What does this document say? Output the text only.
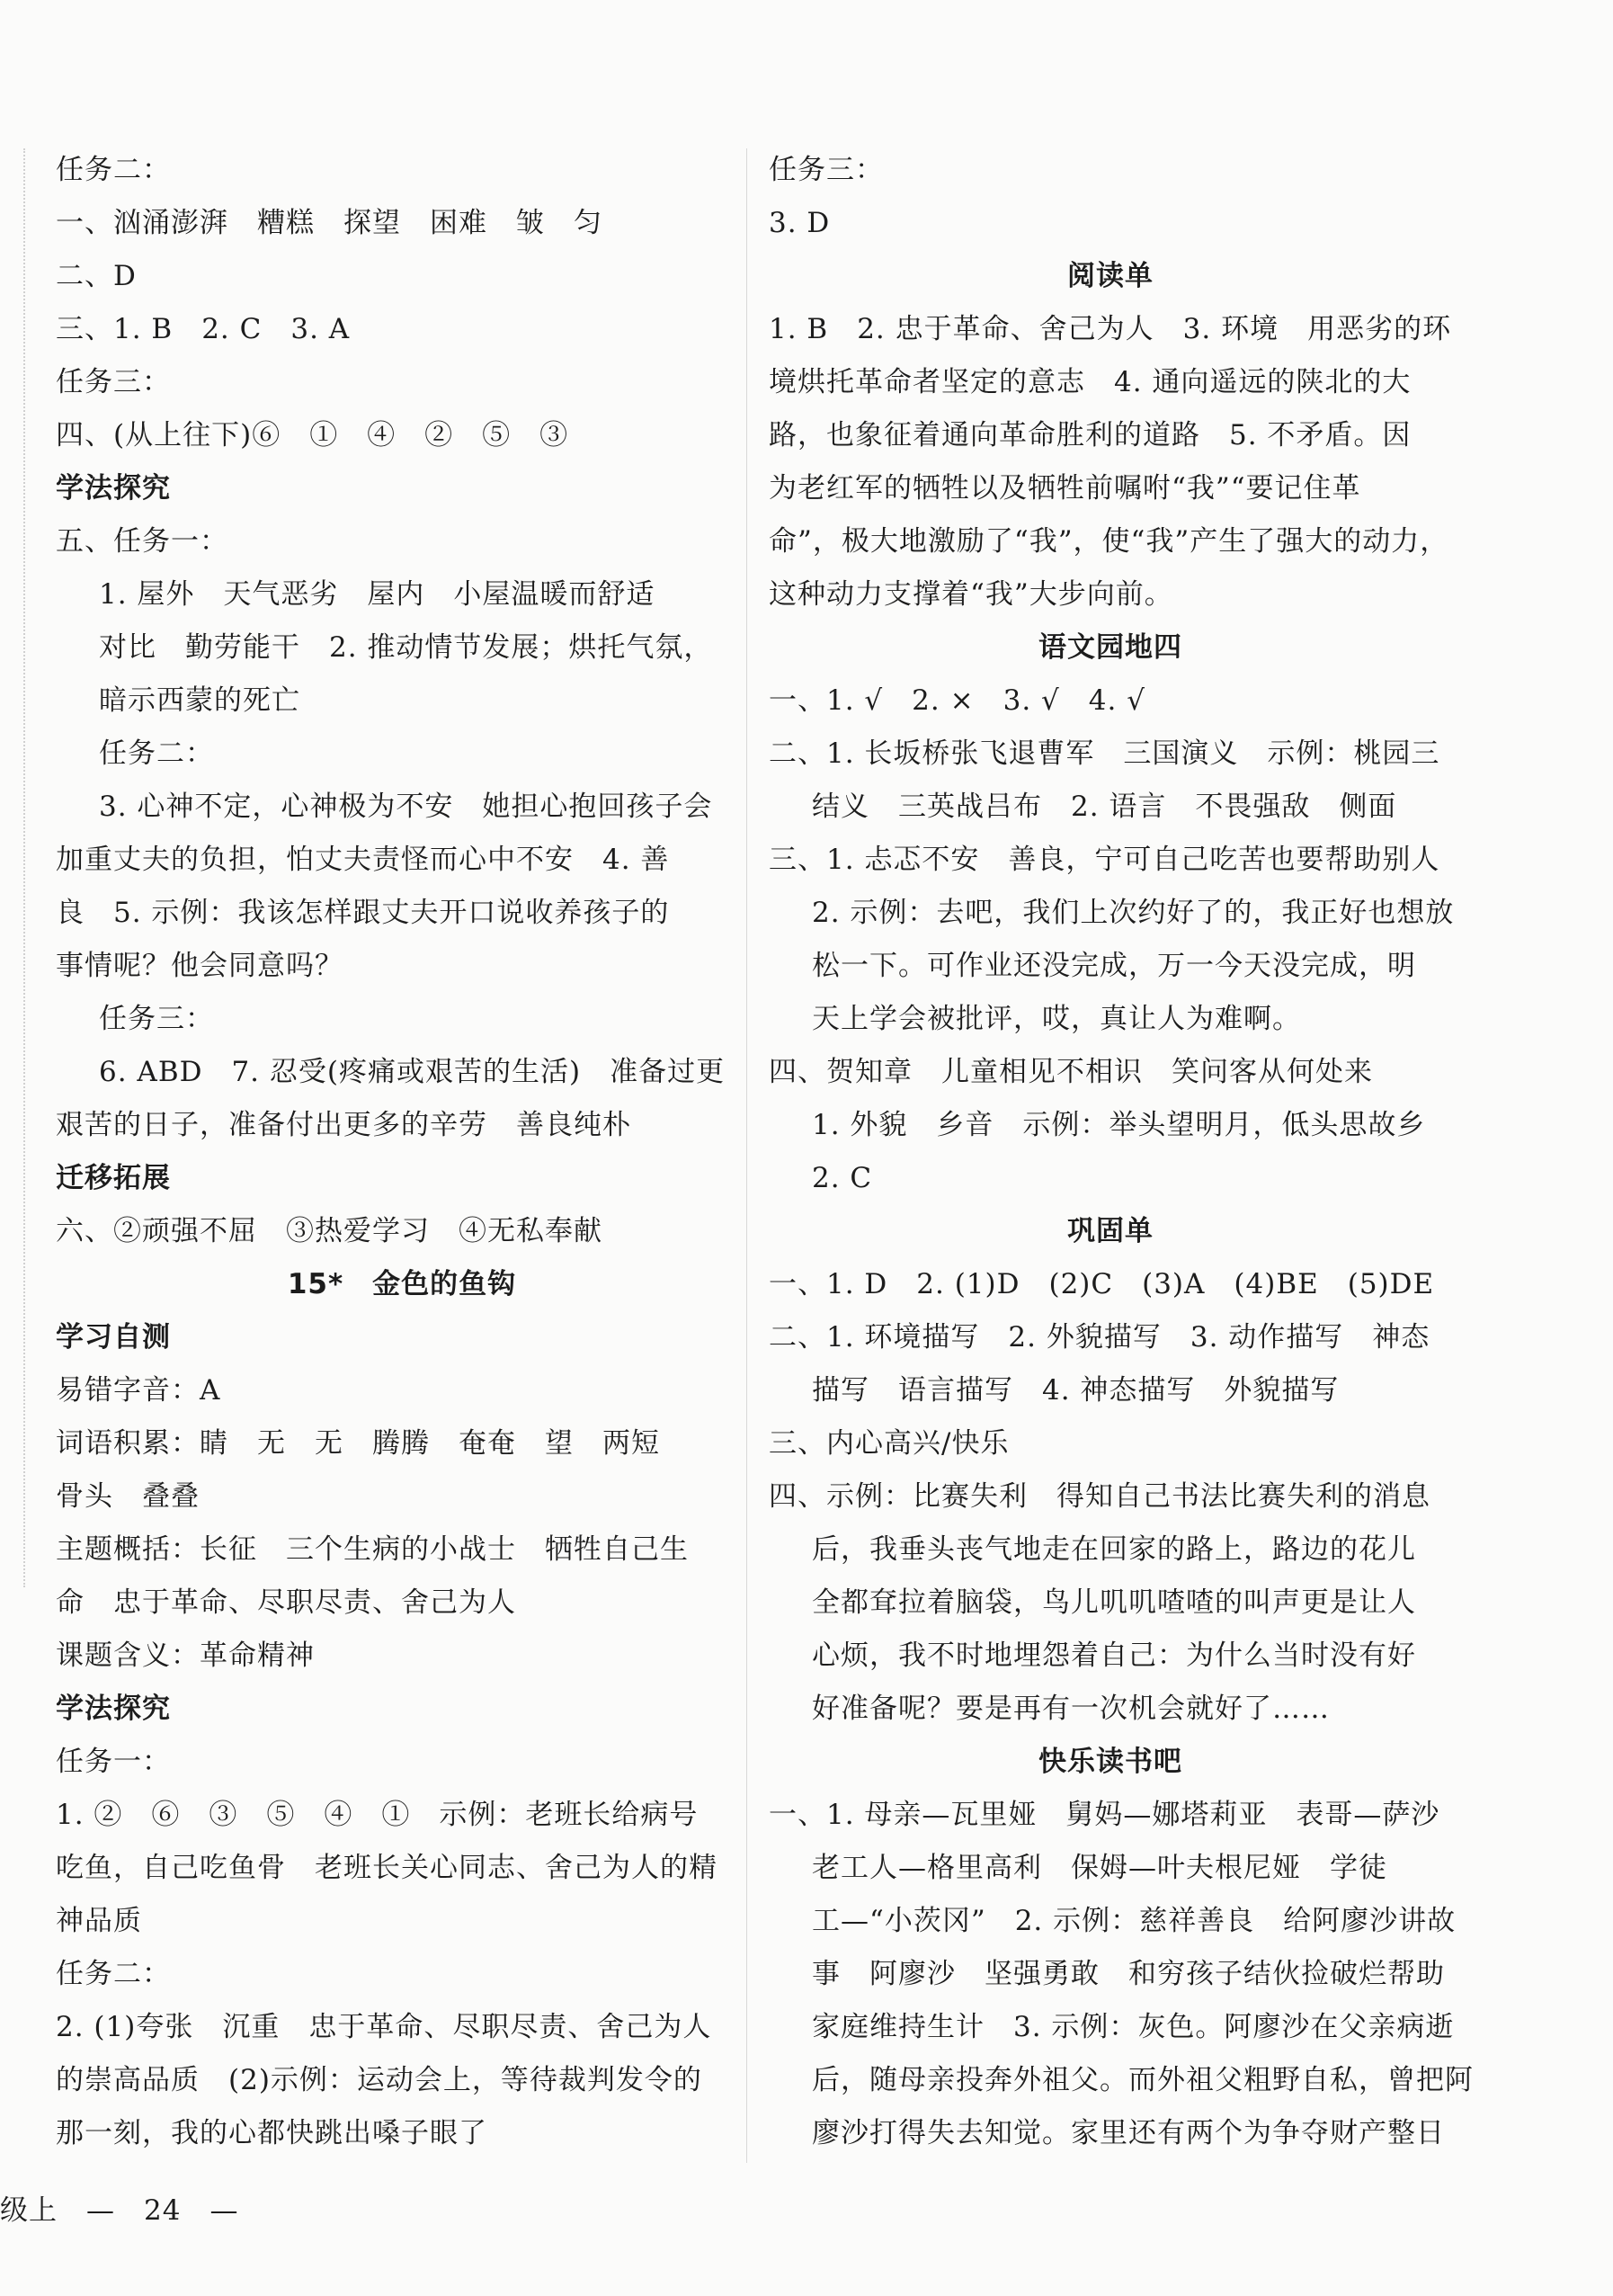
任务二：
一、汹涌澎湃　糟糕　探望　困难　皱　匀
二、D
三、1. B　2. C　3. A
任务三：
四、(从上往下)⑥　①　④　②　⑤　③
学法探究
五、任务一：
1. 屋外　天气恶劣　屋内　小屋温暖而舒适
对比　勤劳能干　2. 推动情节发展；烘托气氛，
暗示西蒙的死亡
任务二：
3. 心神不定，心神极为不安　她担心抱回孩子会
加重丈夫的负担，怕丈夫责怪而心中不安　4. 善
良　5. 示例：我该怎样跟丈夫开口说收养孩子的
事情呢？他会同意吗？
任务三：
6. ABD　7. 忍受(疼痛或艰苦的生活)　准备过更
艰苦的日子，准备付出更多的辛劳　善良纯朴
迁移拓展
六、②顽强不屈　③热爱学习　④无私奉献
15*　金色的鱼钩
学习自测
易错字音：A
词语积累：睛　无　无　腾腾　奄奄　望　两短
骨头　叠叠
主题概括：长征　三个生病的小战士　牺牲自己生
命　忠于革命、尽职尽责、舍己为人
课题含义：革命精神
学法探究
任务一：
1. ②　⑥　③　⑤　④　①　示例：老班长给病号
吃鱼，自己吃鱼骨　老班长关心同志、舍己为人的精
神品质
任务二：
2. (1)夸张　沉重　忠于革命、尽职尽责、舍己为人
的崇高品质　(2)示例：运动会上，等待裁判发令的
那一刻，我的心都快跳出嗓子眼了
任务三：
3. D
阅读单
1. B　2. 忠于革命、舍己为人　3. 环境　用恶劣的环
境烘托革命者坚定的意志　4. 通向遥远的陕北的大
路，也象征着通向革命胜利的道路　5. 不矛盾。因
为老红军的牺牲以及牺牲前嘱咐“我”“要记住革
命”，极大地激励了“我”，使“我”产生了强大的动力，
这种动力支撑着“我”大步向前。
语文园地四
一、1. √　2. ×　3. √　4. √
二、1. 长坂桥张飞退曹军　三国演义　示例：桃园三
结义　三英战吕布　2. 语言　不畏强敌　侧面
三、1. 忐忑不安　善良，宁可自己吃苦也要帮助别人
2. 示例：去吧，我们上次约好了的，我正好也想放
松一下。可作业还没完成，万一今天没完成，明
天上学会被批评，哎，真让人为难啊。
四、贺知章　儿童相见不相识　笑问客从何处来
1. 外貌　乡音　示例：举头望明月，低头思故乡
2. C
巩固单
一、1. D　2. (1)D　(2)C　(3)A　(4)BE　(5)DE
二、1. 环境描写　2. 外貌描写　3. 动作描写　神态
描写　语言描写　4. 神态描写　外貌描写
三、内心高兴/快乐
四、示例：比赛失利　得知自己书法比赛失利的消息
后，我垂头丧气地走在回家的路上，路边的花儿
全都耷拉着脑袋，鸟儿叽叽喳喳的叫声更是让人
心烦，我不时地埋怨着自己：为什么当时没有好
好准备呢？要是再有一次机会就好了……
快乐读书吧
一、1. 母亲—瓦里娅　舅妈—娜塔莉亚　表哥—萨沙
老工人—格里高利　保姆—叶夫根尼娅　学徒
工—“小茨冈”　2. 示例：慈祥善良　给阿廖沙讲故
事　阿廖沙　坚强勇敢　和穷孩子结伙捡破烂帮助
家庭维持生计　3. 示例：灰色。阿廖沙在父亲病逝
后，随母亲投奔外祖父。而外祖父粗野自私，曾把阿
廖沙打得失去知觉。家里还有两个为争夺财产整日
级上　—　24　—
